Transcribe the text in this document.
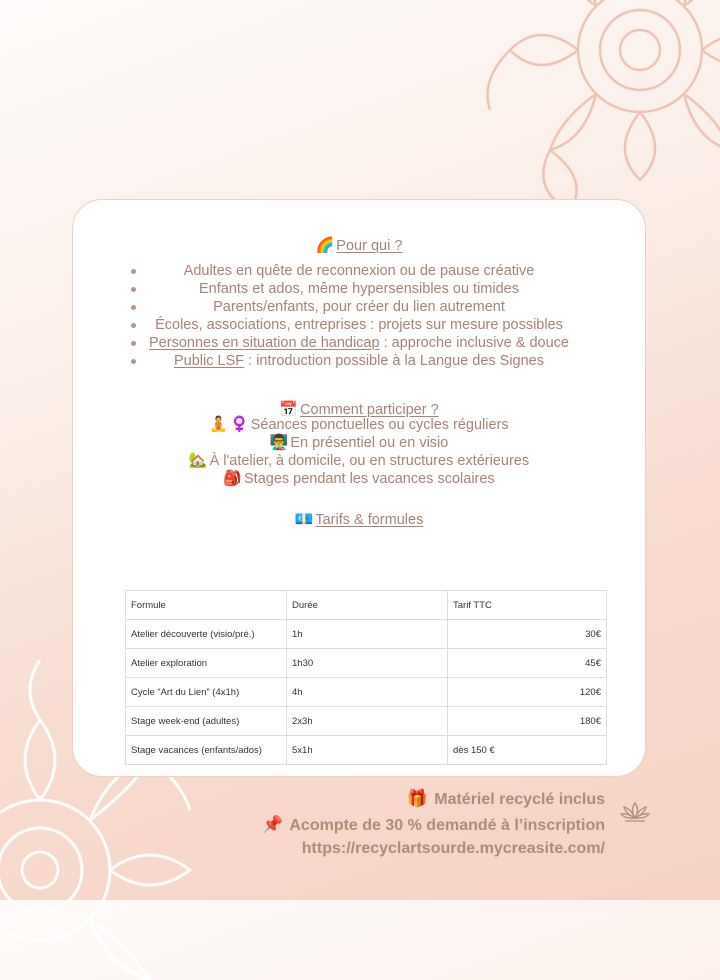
🌈 Pour qui ?
Adultes en quête de reconnexion ou de pause créative
Enfants et ados, même hypersensibles ou timides
Parents/enfants, pour créer du lien autrement
Écoles, associations, entreprises : projets sur mesure possibles
Personnes en situation de handicap : approche inclusive & douce
Public LSF : introduction possible à la Langue des Signes
📅 Comment participer ?
🧘 ♀️ Séances ponctuelles ou cycles réguliers
👨‍🏫 En présentiel ou en visio
🏡 À l'atelier, à domicile, ou en structures extérieures
🎒 Stages pendant les vacances scolaires
💶 Tarifs & formules
Formule	Durée	Tarif TTC
Atelier découverte (visio/pré.)	1h	30€
Atelier exploration	1h30	45€
Cycle “Art du Lien” (4x1h)	4h	120€
Stage week-end (adultes)	2x3h	180€
Stage vacances (enfants/ados)	5x1h	dès 150 €
🎁 Matériel recyclé inclus
📌 Acompte de 30 % demandé à l’inscription
https://recyclartsourde.mycreasite.com/
